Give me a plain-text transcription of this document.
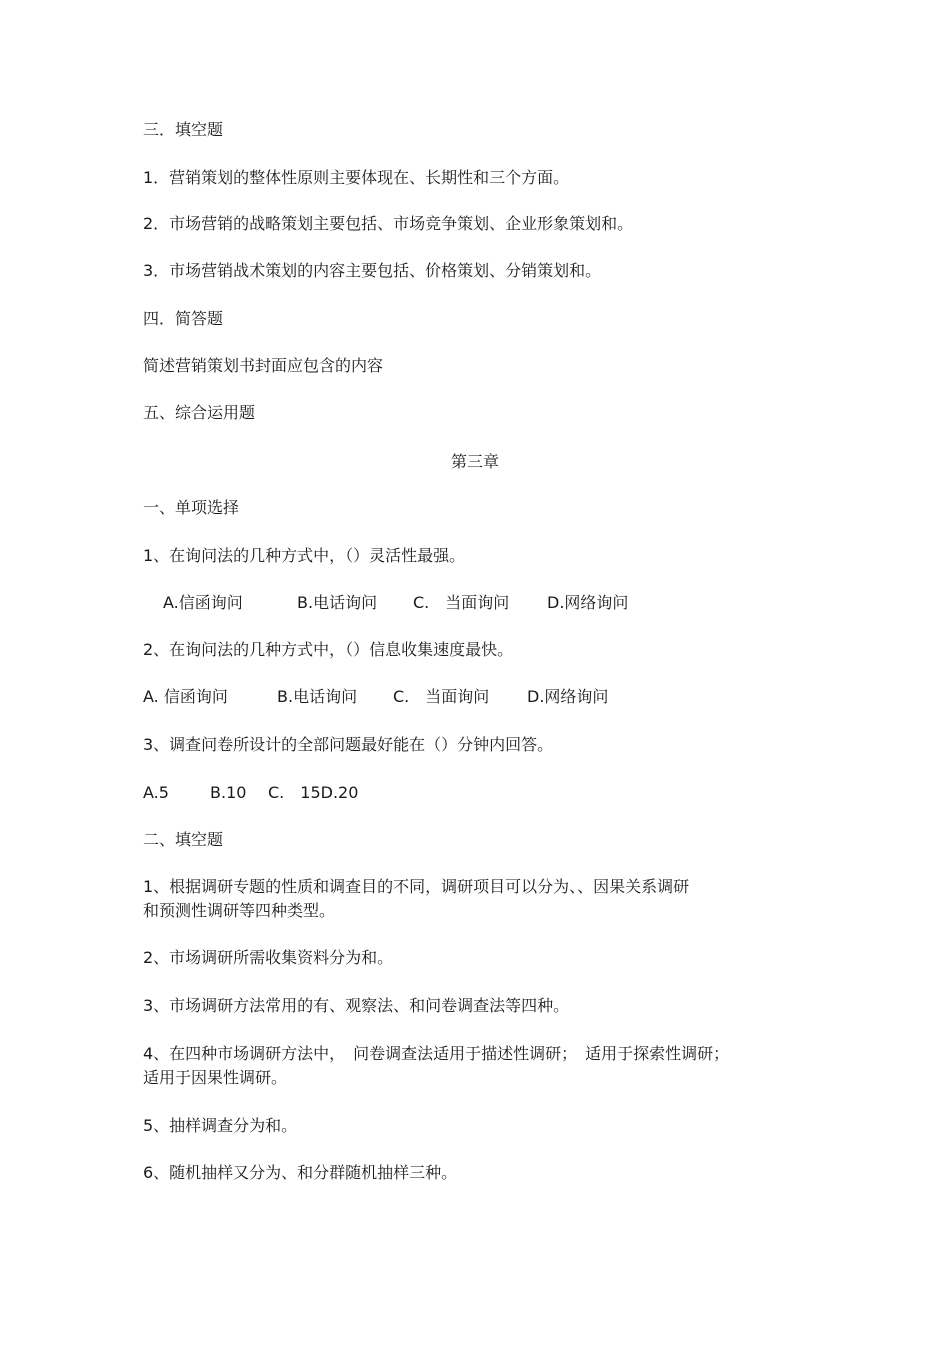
三．填空题
1．营销策划的整体性原则主要体现在、长期性和三个方面。
2．市场营销的战略策划主要包括、市场竞争策划、企业形象策划和。
3．市场营销战术策划的内容主要包括、价格策划、分销策划和。
四．简答题
简述营销策划书封面应包含的内容
五、综合运用题
第三章
一、单项选择
1、在询问法的几种方式中，（）灵活性最强。
A.信函询问	B.电话询问 C.　当面询问 D.网络询问
2、在询问法的几种方式中，（）信息收集速度最快。
A. 信函询问	B.电话询问 C.　当面询问 D.网络询问
3、调查问卷所设计的全部问题最好能在（）分钟内回答。
A.5	B.10 C.　15D.20
二、填空题
1、根据调研专题的性质和调查目的不同，调研项目可以分为、、因果关系调研
和预测性调研等四种类型。
2、市场调研所需收集资料分为和。
3、市场调研方法常用的有、观察法、和问卷调查法等四种。
4、在四种市场调研方法中，　问卷调查法适用于描述性调研；　适用于探索性调研；
适用于因果性调研。
5、抽样调查分为和。
6、随机抽样又分为、和分群随机抽样三种。
